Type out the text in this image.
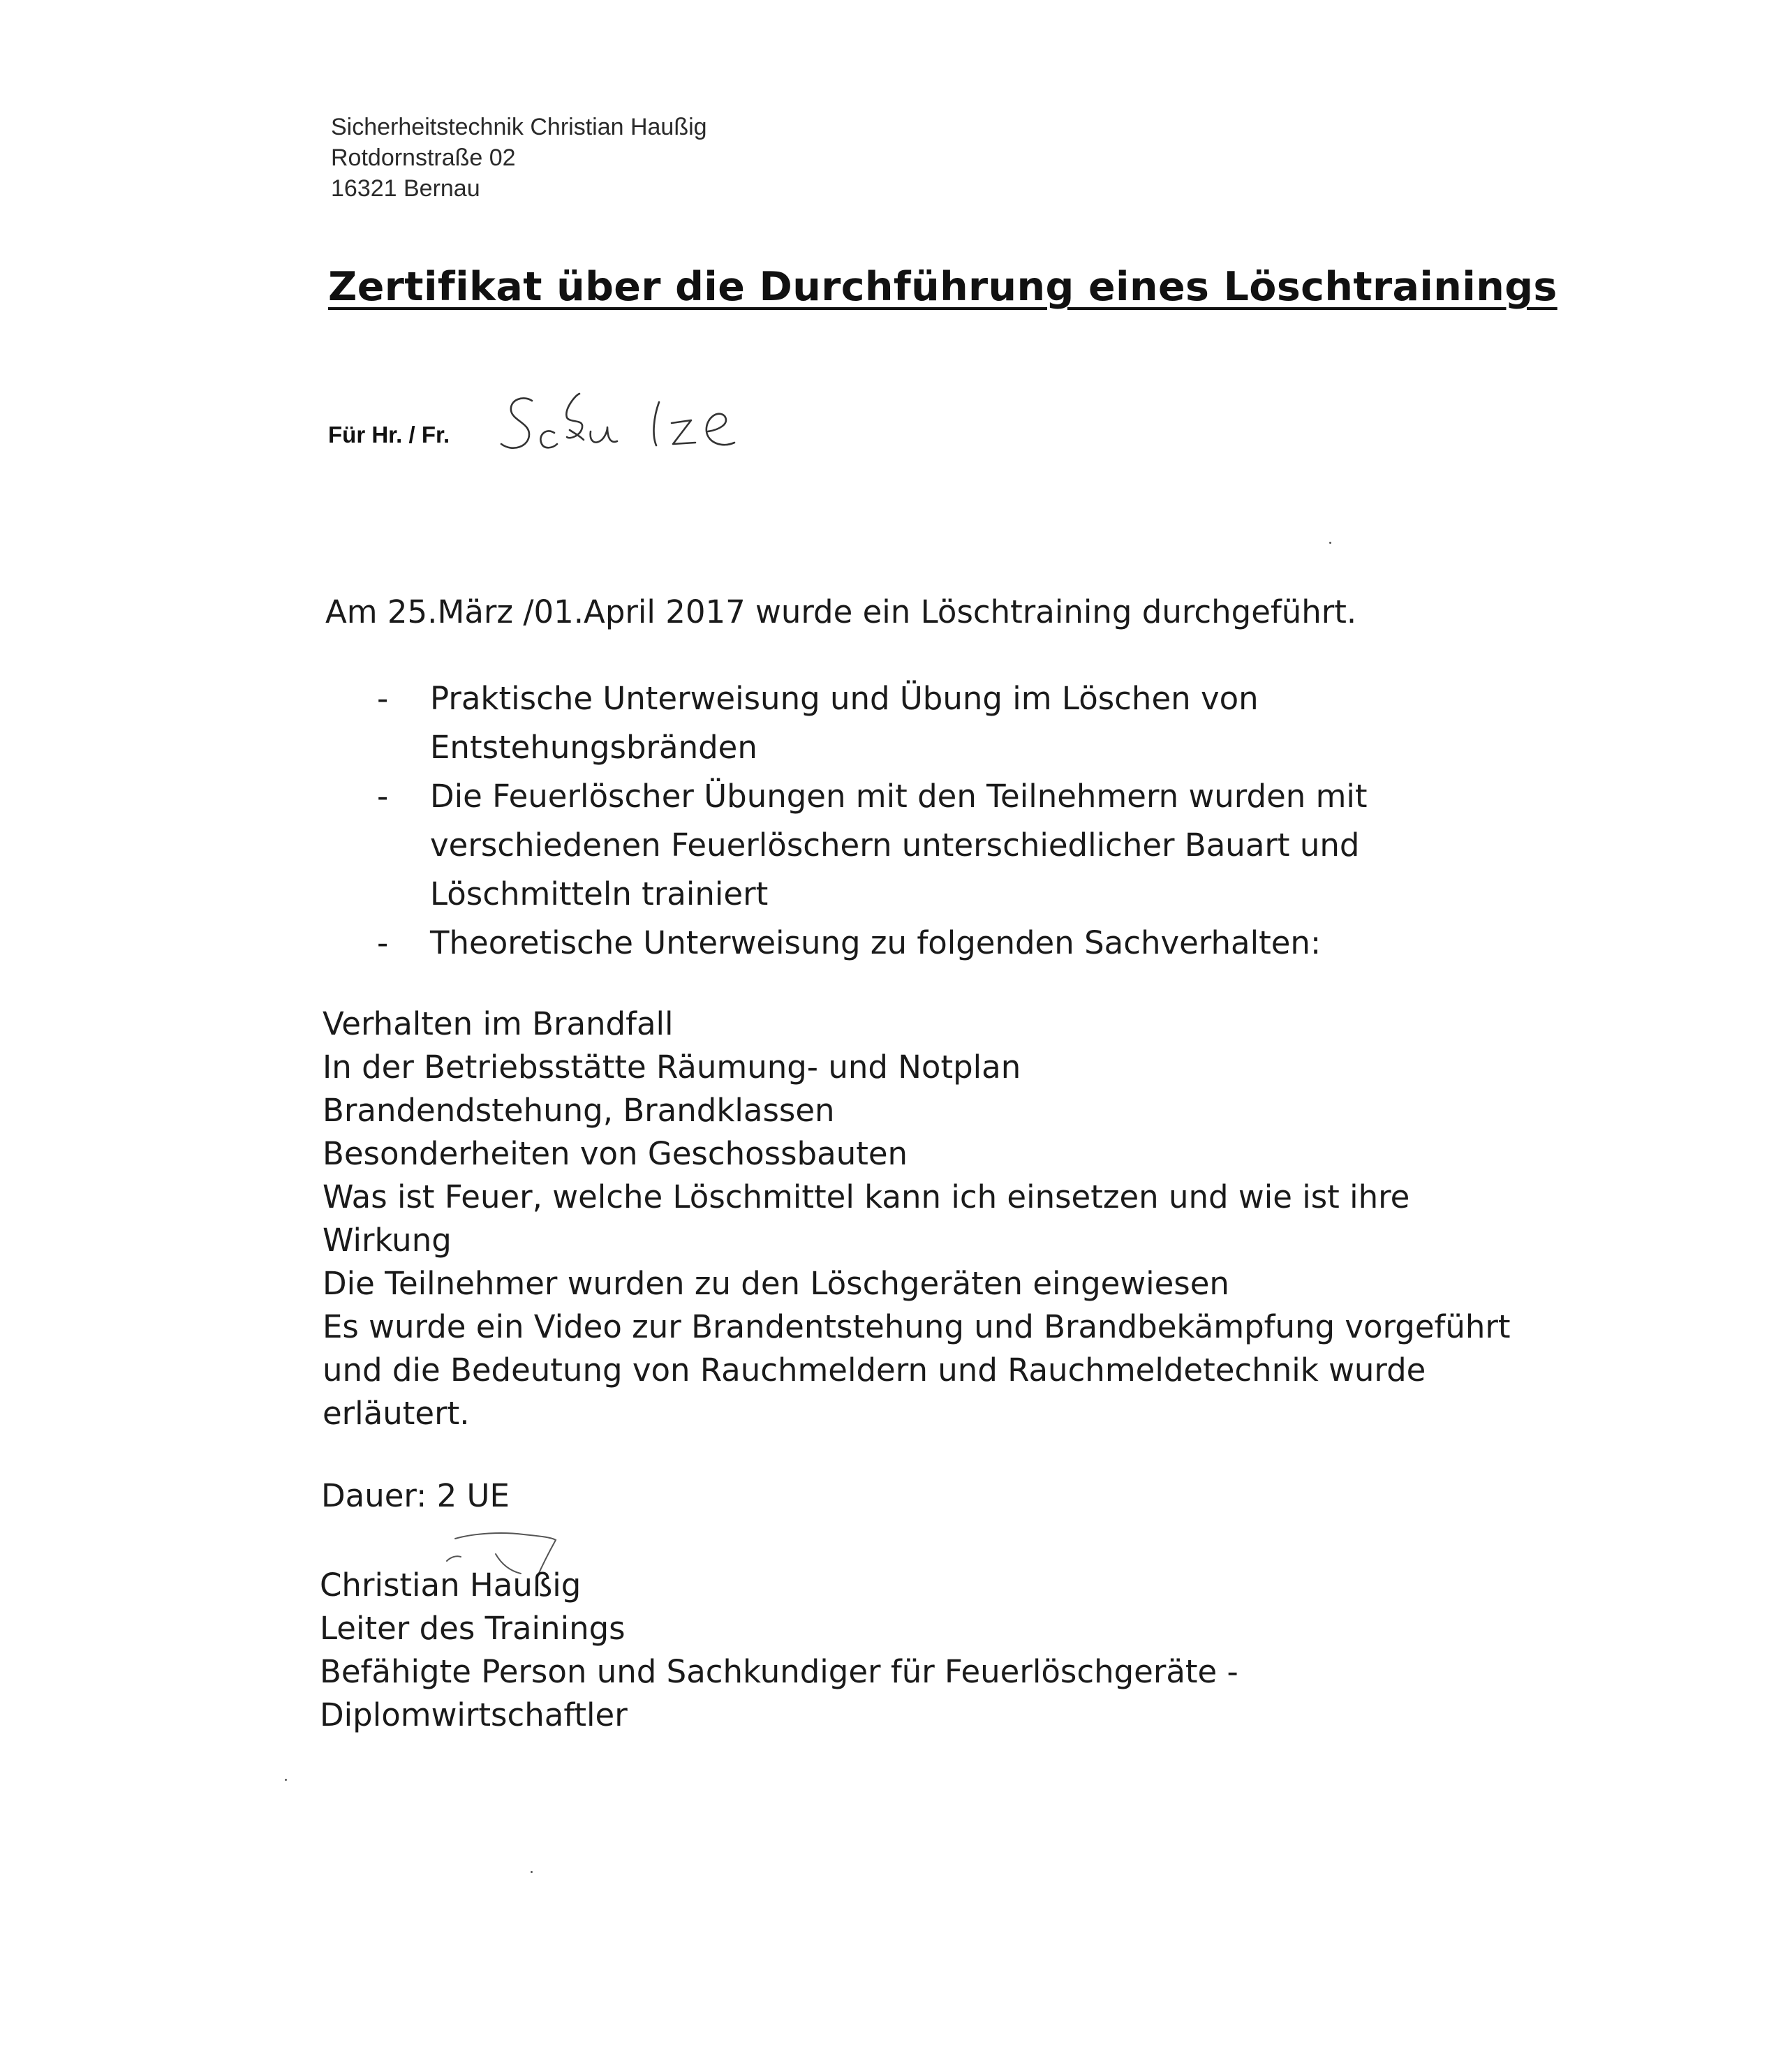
Sicherheitstechnik Christian Haußig
Rotdornstraße 02
16321 Bernau
Zertifikat über die Durchführung eines Löschtrainings
Für Hr. / Fr.
Am 25.März /01.April 2017 wurde ein Löschtraining durchgeführt.
- Praktische Unterweisung und Übung im Löschen von
Entstehungsbränden
- Die Feuerlöscher Übungen mit den Teilnehmern wurden mit
verschiedenen Feuerlöschern unterschiedlicher Bauart und
Löschmitteln trainiert
- Theoretische Unterweisung zu folgenden Sachverhalten:
Verhalten im Brandfall
In der Betriebsstätte Räumung- und Notplan
Brandendstehung, Brandklassen
Besonderheiten von Geschossbauten
Was ist Feuer, welche Löschmittel kann ich einsetzen und wie ist ihre
Wirkung
Die Teilnehmer wurden zu den Löschgeräten eingewiesen
Es wurde ein Video zur Brandentstehung und Brandbekämpfung vorgeführt
und die Bedeutung von Rauchmeldern und Rauchmeldetechnik wurde
erläutert.
Dauer: 2 UE
Christian Haußig
Leiter des Trainings
Befähigte Person und Sachkundiger für Feuerlöschgeräte -
Diplomwirtschaftler
